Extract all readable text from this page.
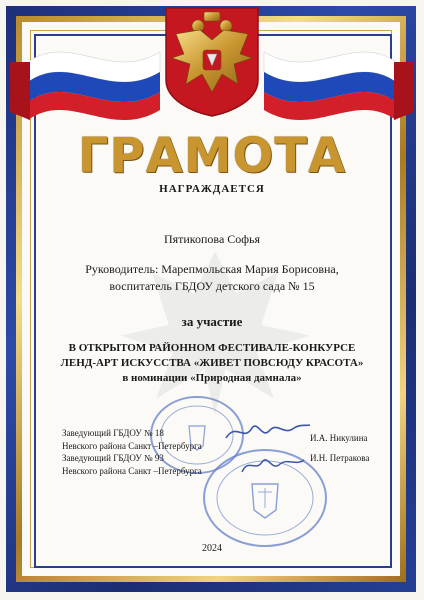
ГРАМОТА
НАГРАЖДАЕТСЯ
Пятикопова Софья
Руководитель: Марепмольская Мария Борисовна,
воспитатель ГБДОУ детского сада № 15
за участие
В ОТКРЫТОМ РАЙОННОМ ФЕСТИВАЛЕ-КОНКУРСЕ
ЛЕНД-АРТ ИСКУССТВА «ЖИВЕТ ПОВСЮДУ КРАСОТА»
в номинации «Природная дамнала»
Заведующий ГБДОУ № 18
Невского района Санкт –Петербурга
И.А. Никулина
Заведующий ГБДОУ № 93
Невского района Санкт –Петербурга
И.Н. Петракова
2024
